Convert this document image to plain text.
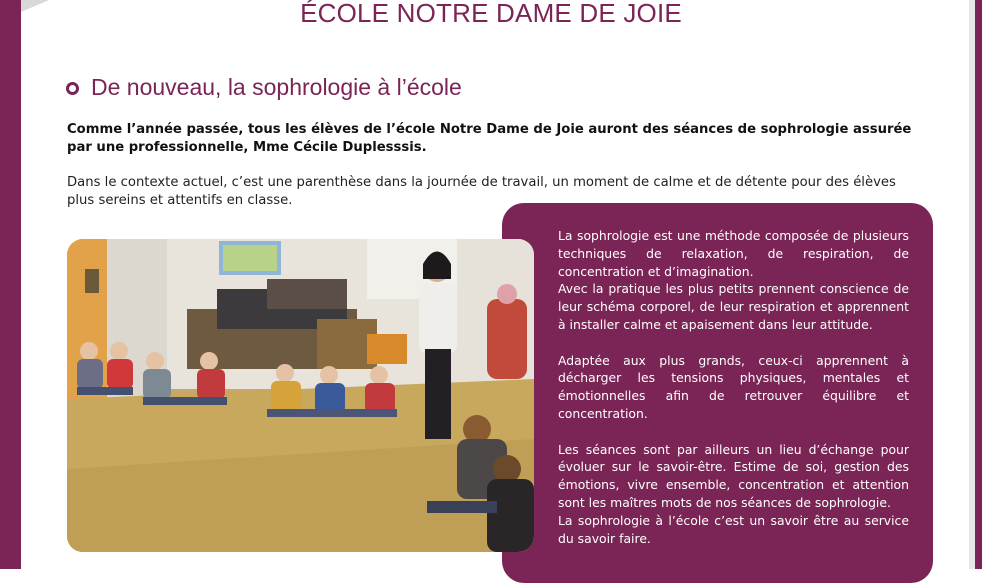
ÉCOLE NOTRE DAME DE JOIE
De nouveau, la sophrologie à l’école
Comme l’année passée, tous les élèves de l’école Notre Dame de Joie auront des séances de sophrologie assurée par une professionnelle, Mme Cécile Duplesssis.
Dans le contexte actuel, c’est une parenthèse dans la journée de travail, un moment de calme et de détente pour des élèves plus sereins et attentifs en classe.

La sophrologie est une méthode composée de plusieurs techniques de relaxation, de respiration, de concentration et d’imagination.

Avec la pratique les plus petits prennent conscience de leur schéma corporel, de leur respiration et apprennent à installer calme et apaisement dans leur attitude.

Adaptée aux plus grands, ceux-ci apprennent à décharger les tensions physiques, mentales et émotionnelles afin de retrouver équilibre et concentration.

Les séances sont par ailleurs un lieu d’échange pour évoluer sur le savoir-être. Estime de soi, gestion des émotions, vivre ensemble, concentration et attention sont les maîtres mots de nos séances de sophrologie.

La sophrologie à l’école c’est un savoir être au service du savoir faire.
